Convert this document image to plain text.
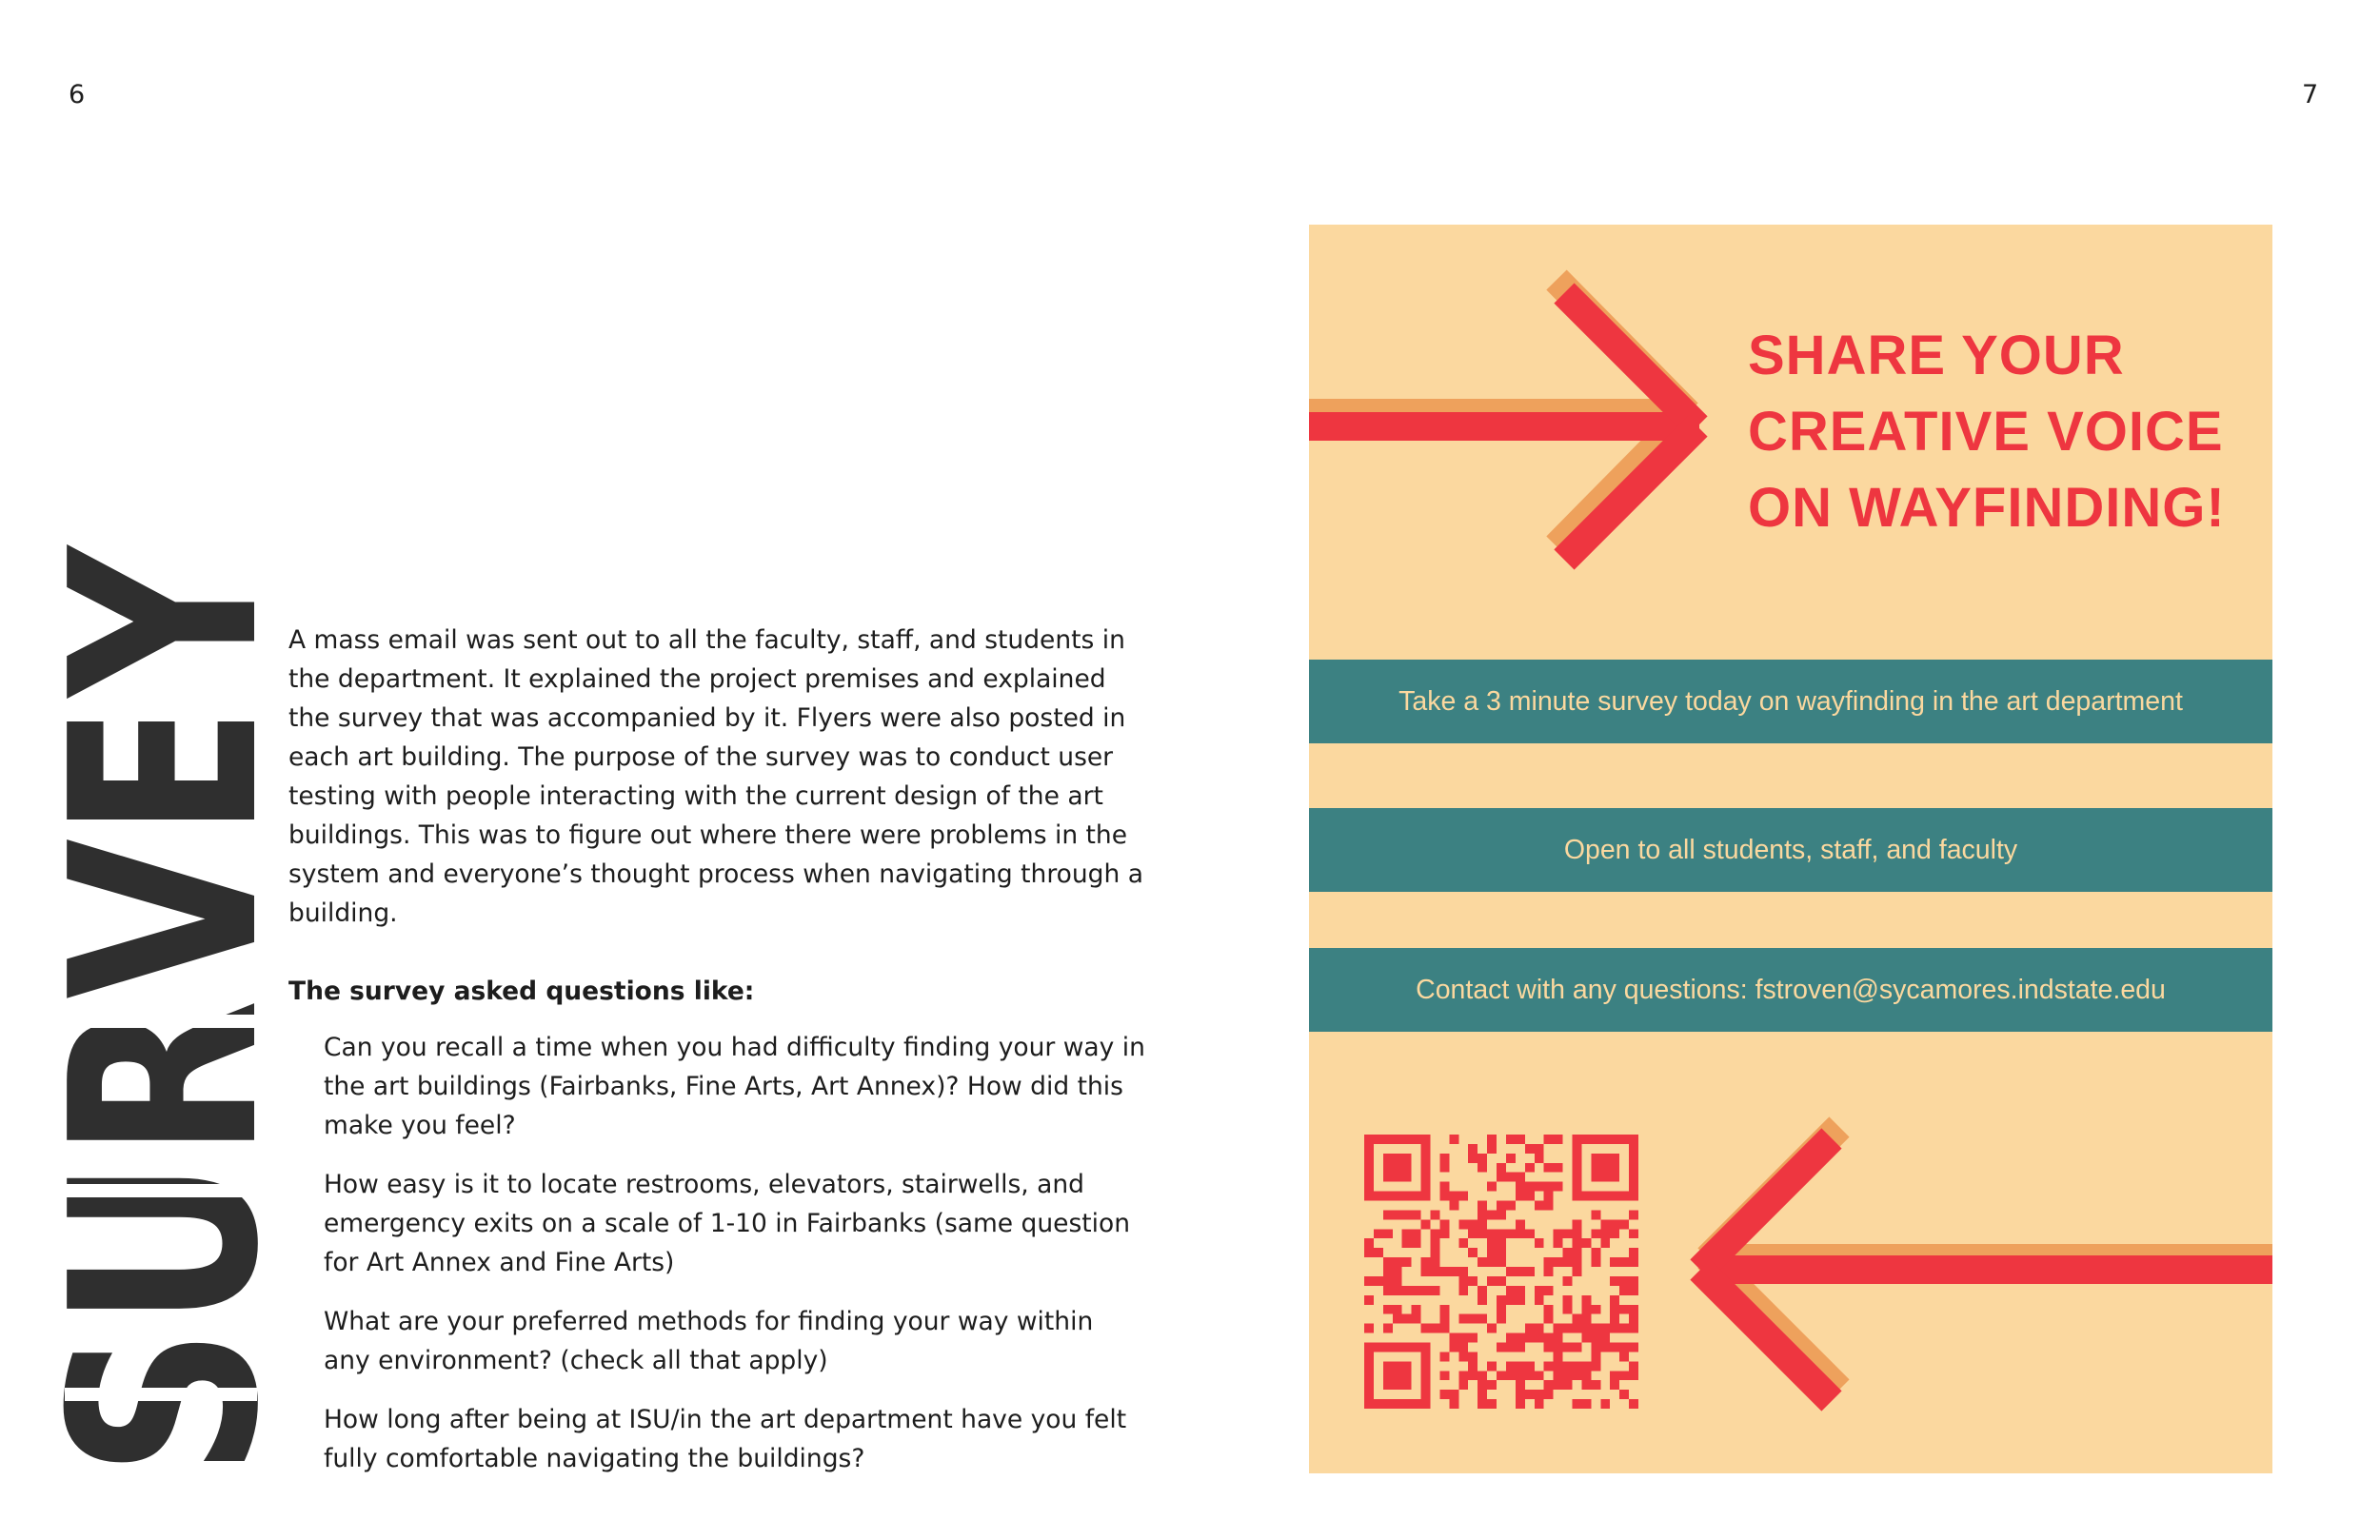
6	7
SURVEY

A mass email was sent out to all the faculty, staff, and students in the department. It explained the project premises and explained the survey that was accompanied by it. Flyers were also posted in each art building. The purpose of the survey was to conduct user testing with people interacting with the current design of the art buildings. This was to figure out where there were problems in the system and everyone’s thought process when navigating through a building.

The survey asked questions like:

Can you recall a time when you had difficulty finding your way in the art buildings (Fairbanks, Fine Arts, Art Annex)? How did this make you feel?
How easy is it to locate restrooms, elevators, stairwells, and emergency exits on a scale of 1-10 in Fairbanks (same question for Art Annex and Fine Arts)
What are your preferred methods for finding your way within any environment? (check all that apply)
How long after being at ISU/in the art department have you felt fully comfortable navigating the buildings?
SHARE YOUR
CREATIVE VOICE
ON WAYFINDING!
Take a 3 minute survey today on wayfinding in the art department
Open to all students, staff, and faculty
Contact with any questions: fstroven@sycamores.indstate.edu
